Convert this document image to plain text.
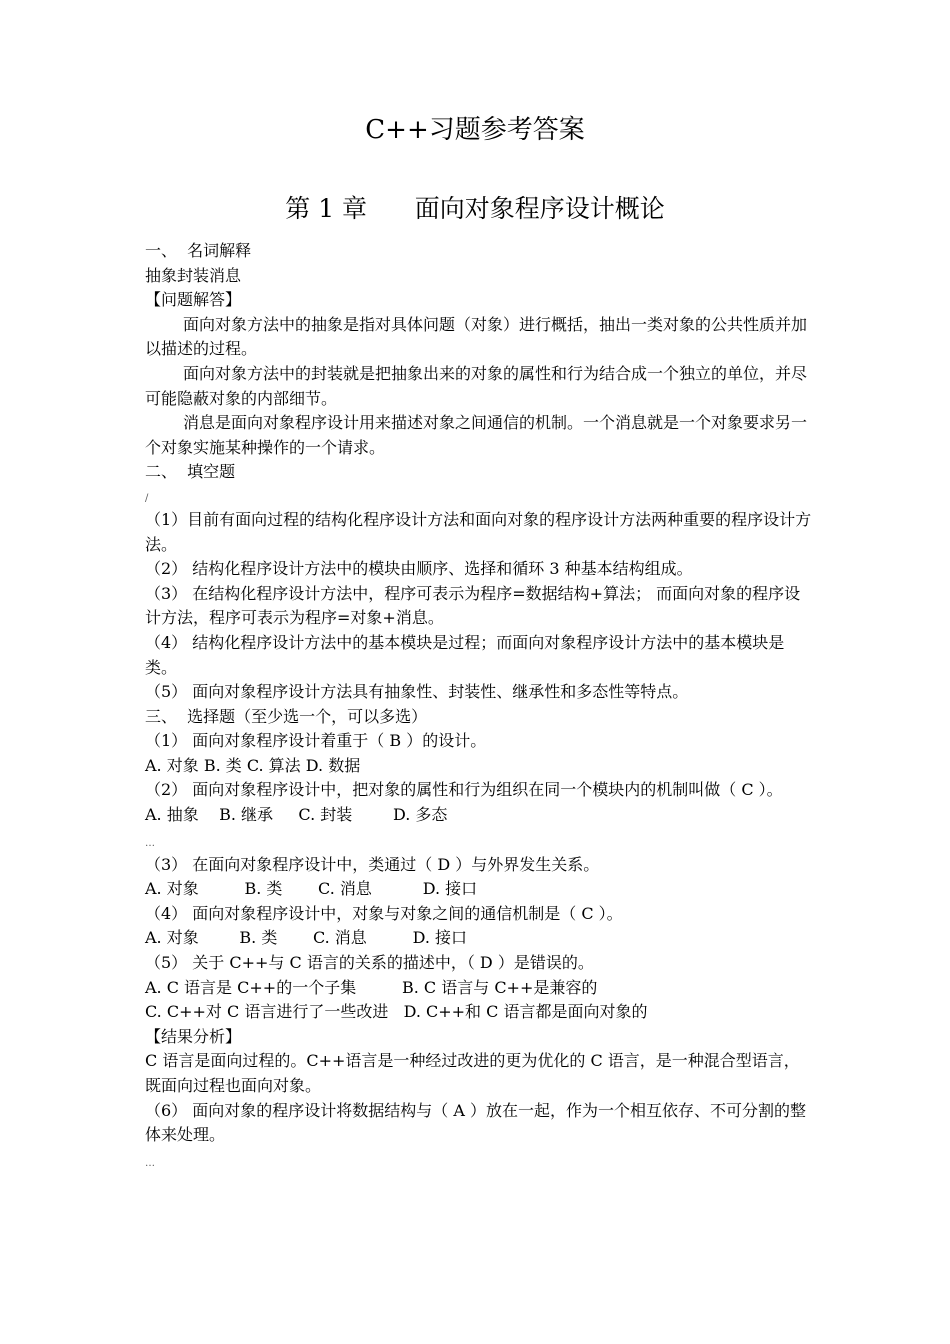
C++习题参考答案
第 1 章      面向对象程序设计概论

一、  名词解释

抽象封装消息

【问题解答】

面向对象方法中的抽象是指对具体问题（对象）进行概括，抽出一类对象的公共性质并加以描述的过程。

面向对象方法中的封装就是把抽象出来的对象的属性和行为结合成一个独立的单位，并尽可能隐蔽对象的内部细节。

消息是面向对象程序设计用来描述对象之间通信的机制。一个消息就是一个对象要求另一个对象实施某种操作的一个请求。

二、  填空题

/

（1）目前有面向过程的结构化程序设计方法和面向对象的程序设计方法两种重要的程序设计方法。

（2） 结构化程序设计方法中的模块由顺序、选择和循环 3 种基本结构组成。

（3） 在结构化程序设计方法中，程序可表示为程序=数据结构+算法； 而面向对象的程序设计方法，程序可表示为程序=对象+消息。

（4） 结构化程序设计方法中的基本模块是过程；而面向对象程序设计方法中的基本模块是类。

（5） 面向对象程序设计方法具有抽象性、封装性、继承性和多态性等特点。

三、  选择题（至少选一个，可以多选）

（1） 面向对象程序设计着重于（ B ）的设计。

A. 对象 B. 类 C. 算法 D. 数据

（2） 面向对象程序设计中，把对象的属性和行为组织在同一个模块内的机制叫做（ C ）。

A. 抽象    B. 继承     C. 封装        D. 多态

…

（3） 在面向对象程序设计中，类通过（ D ）与外界发生关系。

A. 对象         B. 类       C. 消息          D. 接口

（4） 面向对象程序设计中，对象与对象之间的通信机制是（ C ）。

A. 对象        B. 类       C. 消息         D. 接口

（5） 关于 C++与 C 语言的关系的描述中，（ D ）是错误的。

A. C 语言是 C++的一个子集         B. C 语言与 C++是兼容的

C. C++对 C 语言进行了一些改进   D. C++和 C 语言都是面向对象的

【结果分析】

C 语言是面向过程的。C++语言是一种经过改进的更为优化的 C 语言，是一种混合型语言，既面向过程也面向对象。

（6） 面向对象的程序设计将数据结构与（ A ）放在一起，作为一个相互依存、不可分割的整体来处理。

…
